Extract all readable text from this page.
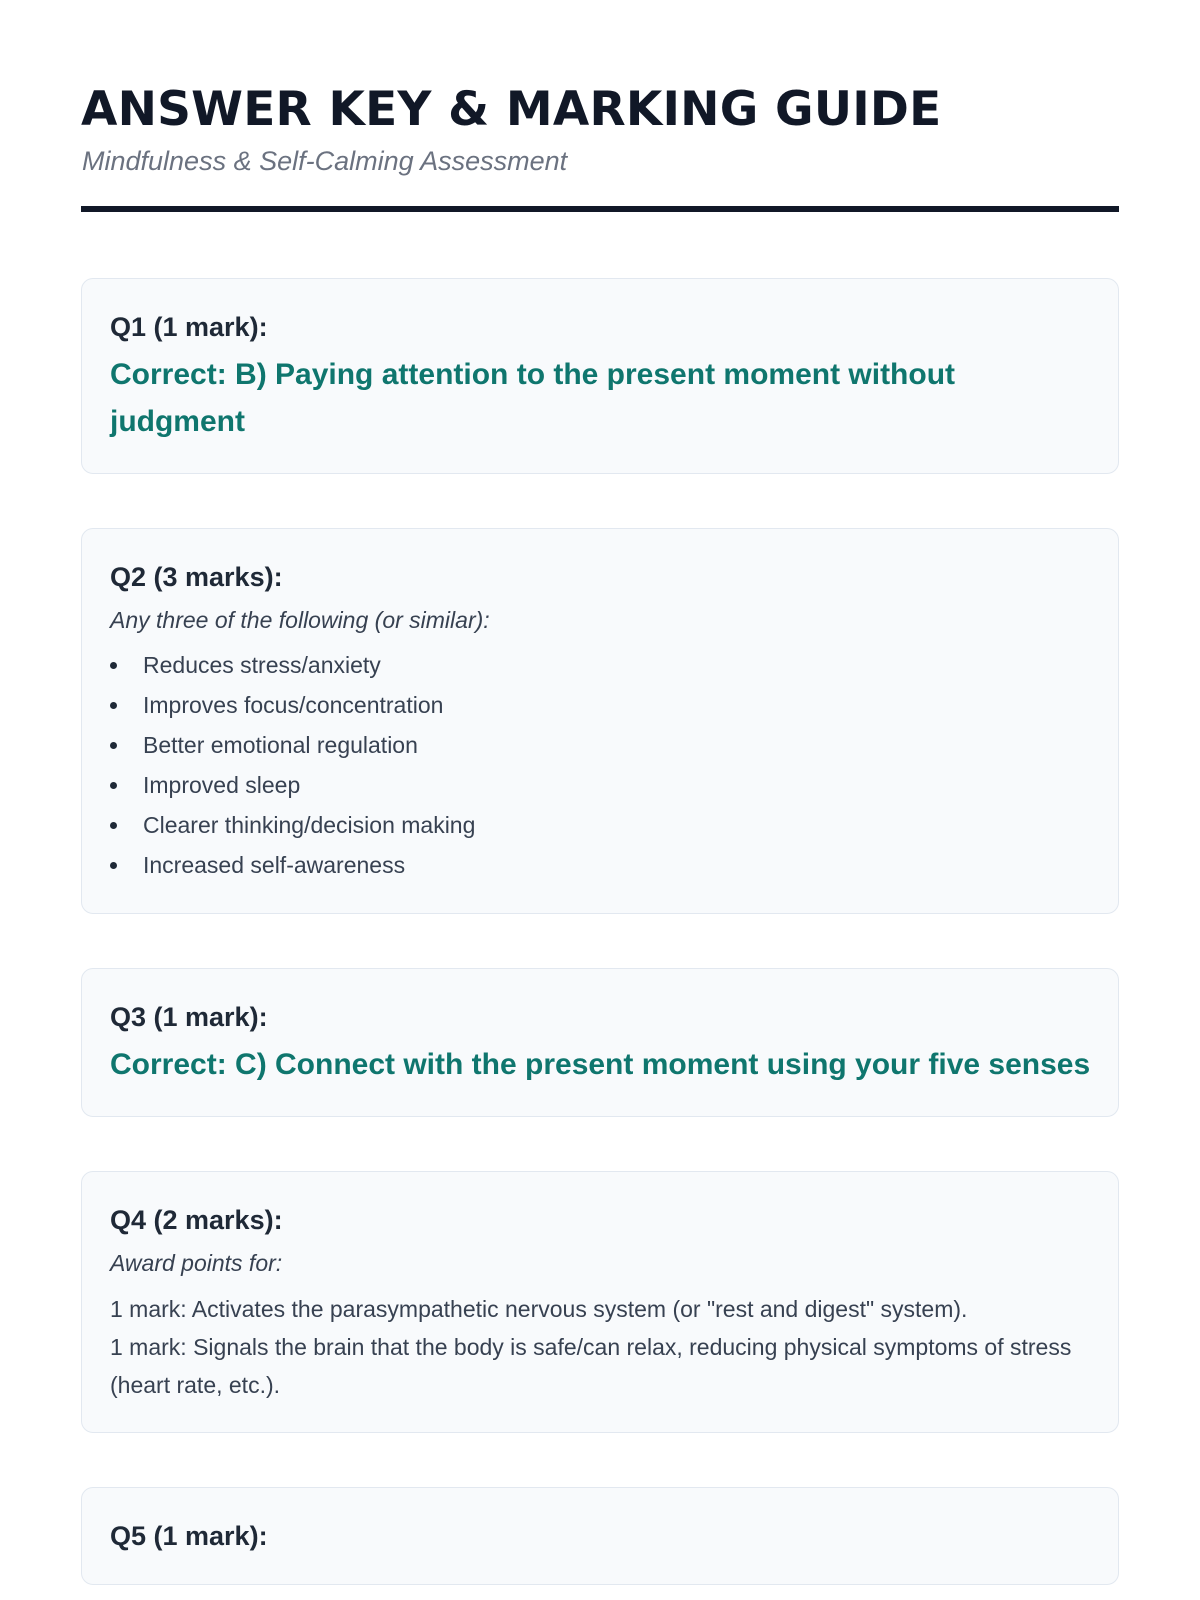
ANSWER KEY & MARKING GUIDE
Mindfulness & Self-Calming Assessment
Q1 (1 mark):

Correct: B) Paying attention to the present moment without judgment

Q2 (3 marks):

Any three of the following (or similar):

Reduces stress/anxiety
Improves focus/concentration
Better emotional regulation
Improved sleep
Clearer thinking/decision making
Increased self-awareness
Q3 (1 mark):

Correct: C) Connect with the present moment using your five senses

Q4 (2 marks):

Award points for:

1 mark: Activates the parasympathetic nervous system (or "rest and digest" system).

1 mark: Signals the brain that the body is safe/can relax, reducing physical symptoms of stress (heart rate, etc.).

Q5 (1 mark):
